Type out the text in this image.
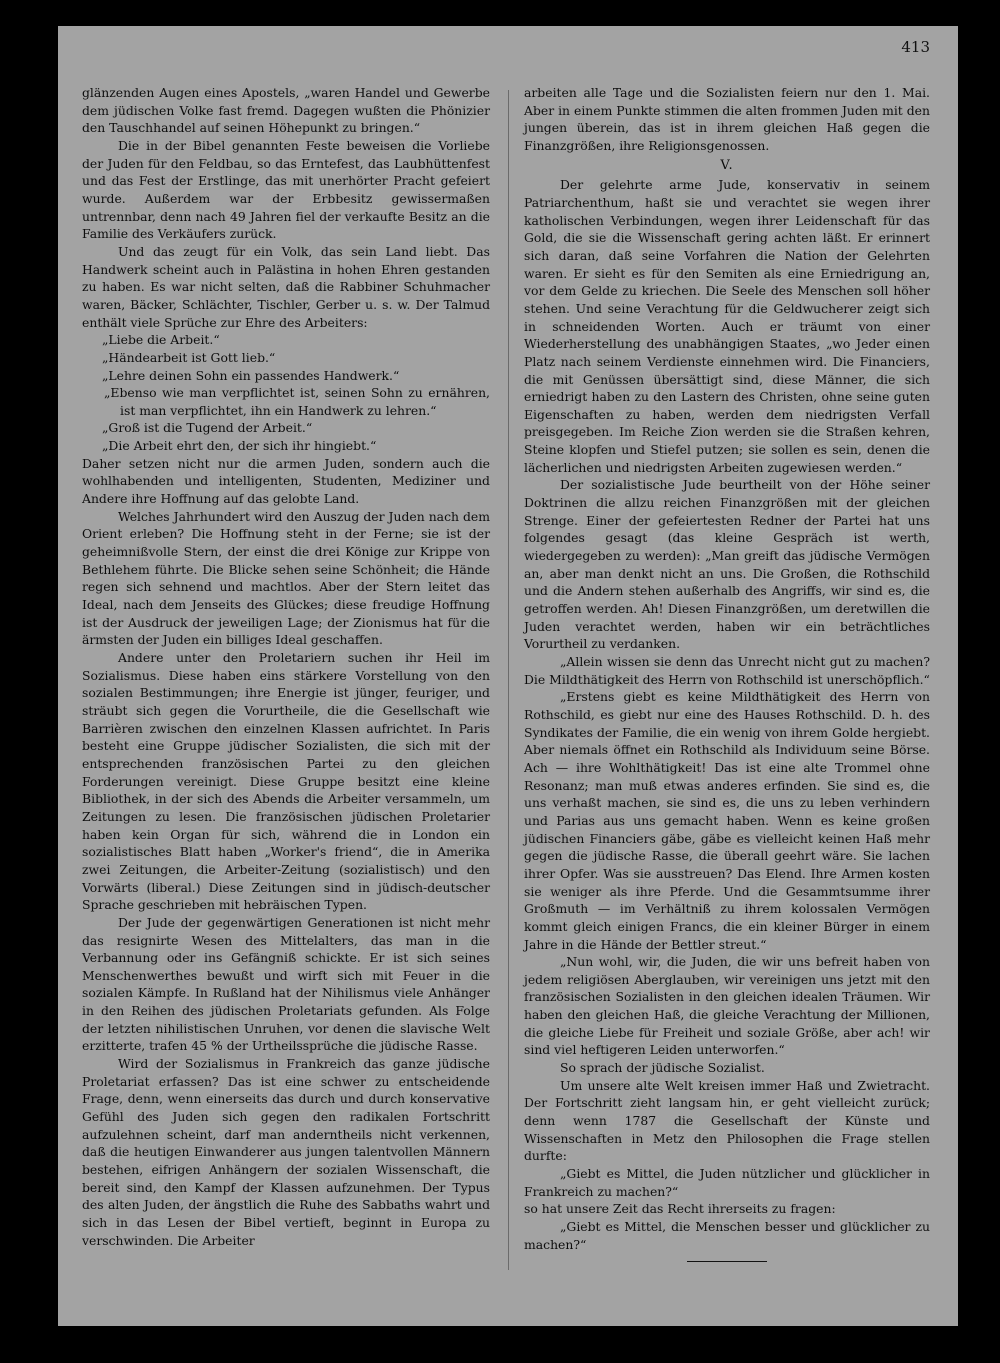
413

glänzenden Augen eines Apostels, „waren Handel und Gewerbe dem jüdischen Volke fast fremd. Dagegen wußten die Phönizier den Tauschhandel auf seinen Höhepunkt zu bringen.“

Die in der Bibel genannten Feste beweisen die Vorliebe der Juden für den Feldbau, so das Erntefest, das Laubhüttenfest und das Fest der Erstlinge, das mit unerhörter Pracht gefeiert wurde. Außerdem war der Erbbesitz gewissermaßen untrennbar, denn nach 49 Jahren fiel der verkaufte Besitz an die Familie des Verkäufers zurück.

Und das zeugt für ein Volk, das sein Land liebt. Das Handwerk scheint auch in Palästina in hohen Ehren gestanden zu haben. Es war nicht selten, daß die Rabbiner Schuhmacher waren, Bäcker, Schlächter, Tischler, Gerber u. s. w. Der Talmud enthält viele Sprüche zur Ehre des Arbeiters:

„Liebe die Arbeit.“

„Händearbeit ist Gott lieb.“

„Lehre deinen Sohn ein passendes Handwerk.“

„Ebenso wie man verpflichtet ist, seinen Sohn zu ernähren, ist man verpflichtet, ihn ein Handwerk zu lehren.“

„Groß ist die Tugend der Arbeit.“

„Die Arbeit ehrt den, der sich ihr hingiebt.“

Daher setzen nicht nur die armen Juden, sondern auch die wohlhabenden und intelligenten, Studenten, Mediziner und Andere ihre Hoffnung auf das gelobte Land.

Welches Jahrhundert wird den Auszug der Juden nach dem Orient erleben? Die Hoffnung steht in der Ferne; sie ist der geheimnißvolle Stern, der einst die drei Könige zur Krippe von Bethlehem führte. Die Blicke sehen seine Schönheit; die Hände regen sich sehnend und machtlos. Aber der Stern leitet das Ideal, nach dem Jenseits des Glückes; diese freudige Hoffnung ist der Ausdruck der jeweiligen Lage; der Zionismus hat für die ärmsten der Juden ein billiges Ideal geschaffen.

Andere unter den Proletariern suchen ihr Heil im Sozialismus. Diese haben eins stärkere Vorstellung von den sozialen Bestimmungen; ihre Energie ist jünger, feuriger, und sträubt sich gegen die Vorurtheile, die die Gesellschaft wie Barrièren zwischen den einzelnen Klassen aufrichtet. In Paris besteht eine Gruppe jüdischer Sozialisten, die sich mit der entsprechenden französischen Partei zu den gleichen Forderungen vereinigt. Diese Gruppe besitzt eine kleine Bibliothek, in der sich des Abends die Arbeiter versammeln, um Zeitungen zu lesen. Die französischen jüdischen Proletarier haben kein Organ für sich, während die in London ein sozialistisches Blatt haben „Worker's friend“, die in Amerika zwei Zeitungen, die Arbeiter-Zeitung (sozialistisch) und den Vorwärts (liberal.) Diese Zeitungen sind in jüdisch-deutscher Sprache geschrieben mit hebräischen Typen.

Der Jude der gegenwärtigen Generationen ist nicht mehr das resignirte Wesen des Mittelalters, das man in die Verbannung oder ins Gefängniß schickte. Er ist sich seines Menschenwerthes bewußt und wirft sich mit Feuer in die sozialen Kämpfe. In Rußland hat der Nihilismus viele Anhänger in den Reihen des jüdischen Proletariats gefunden. Als Folge der letzten nihilistischen Unruhen, vor denen die slavische Welt erzitterte, trafen 45 % der Urtheilssprüche die jüdische Rasse.

Wird der Sozialismus in Frankreich das ganze jüdische Proletariat erfassen? Das ist eine schwer zu entscheidende Frage, denn, wenn einerseits das durch und durch konservative Gefühl des Juden sich gegen den radikalen Fortschritt aufzulehnen scheint, darf man anderntheils nicht verkennen, daß die heutigen Einwanderer aus jungen talentvollen Männern bestehen, eifrigen Anhängern der sozialen Wissenschaft, die bereit sind, den Kampf der Klassen aufzunehmen. Der Typus des alten Juden, der ängstlich die Ruhe des Sabbaths wahrt und sich in das Lesen der Bibel vertieft, beginnt in Europa zu verschwinden. Die Arbeiter

arbeiten alle Tage und die Sozialisten feiern nur den 1. Mai. Aber in einem Punkte stimmen die alten frommen Juden mit den jungen überein, das ist in ihrem gleichen Haß gegen die Finanzgrößen, ihre Religionsgenossen.

V.

Der gelehrte arme Jude, konservativ in seinem Patriarchenthum, haßt sie und verachtet sie wegen ihrer katholischen Verbindungen, wegen ihrer Leidenschaft für das Gold, die sie die Wissenschaft gering achten läßt. Er erinnert sich daran, daß seine Vorfahren die Nation der Gelehrten waren. Er sieht es für den Semiten als eine Erniedrigung an, vor dem Gelde zu kriechen. Die Seele des Menschen soll höher stehen. Und seine Verachtung für die Geldwucherer zeigt sich in schneidenden Worten. Auch er träumt von einer Wiederherstellung des unabhängigen Staates, „wo Jeder einen Platz nach seinem Verdienste einnehmen wird. Die Financiers, die mit Genüssen übersättigt sind, diese Männer, die sich erniedrigt haben zu den Lastern des Christen, ohne seine guten Eigenschaften zu haben, werden dem niedrigsten Verfall preisgegeben. Im Reiche Zion werden sie die Straßen kehren, Steine klopfen und Stiefel putzen; sie sollen es sein, denen die lächerlichen und niedrigsten Arbeiten zugewiesen werden.“

Der sozialistische Jude beurtheilt von der Höhe seiner Doktrinen die allzu reichen Finanzgrößen mit der gleichen Strenge. Einer der gefeiertesten Redner der Partei hat uns folgendes gesagt (das kleine Gespräch ist werth, wiedergegeben zu werden): „Man greift das jüdische Vermögen an, aber man denkt nicht an uns. Die Großen, die Rothschild und die Andern stehen außerhalb des Angriffs, wir sind es, die getroffen werden. Ah! Diesen Finanzgrößen, um deretwillen die Juden verachtet werden, haben wir ein beträchtliches Vorurtheil zu verdanken.

„Allein wissen sie denn das Unrecht nicht gut zu machen? Die Mildthätigkeit des Herrn von Rothschild ist unerschöpflich.“

„Erstens giebt es keine Mildthätigkeit des Herrn von Rothschild, es giebt nur eine des Hauses Rothschild. D. h. des Syndikates der Familie, die ein wenig von ihrem Golde hergiebt. Aber niemals öffnet ein Rothschild als Individuum seine Börse. Ach — ihre Wohlthätigkeit! Das ist eine alte Trommel ohne Resonanz; man muß etwas anderes erfinden. Sie sind es, die uns verhaßt machen, sie sind es, die uns zu leben verhindern und Parias aus uns gemacht haben. Wenn es keine großen jüdischen Financiers gäbe, gäbe es vielleicht keinen Haß mehr gegen die jüdische Rasse, die überall geehrt wäre. Sie lachen ihrer Opfer. Was sie ausstreuen? Das Elend. Ihre Armen kosten sie weniger als ihre Pferde. Und die Gesammtsumme ihrer Großmuth — im Verhältniß zu ihrem kolossalen Vermögen kommt gleich einigen Francs, die ein kleiner Bürger in einem Jahre in die Hände der Bettler streut.“

„Nun wohl, wir, die Juden, die wir uns befreit haben von jedem religiösen Aberglauben, wir vereinigen uns jetzt mit den französischen Sozialisten in den gleichen idealen Träumen. Wir haben den gleichen Haß, die gleiche Verachtung der Millionen, die gleiche Liebe für Freiheit und soziale Größe, aber ach! wir sind viel heftigeren Leiden unterworfen.“

So sprach der jüdische Sozialist.

Um unsere alte Welt kreisen immer Haß und Zwietracht. Der Fortschritt zieht langsam hin, er geht vielleicht zurück; denn wenn 1787 die Gesellschaft der Künste und Wissenschaften in Metz den Philosophen die Frage stellen durfte:

„Giebt es Mittel, die Juden nützlicher und glücklicher in Frankreich zu machen?“

so hat unsere Zeit das Recht ihrerseits zu fragen:

„Giebt es Mittel, die Menschen besser und glücklicher zu machen?“
